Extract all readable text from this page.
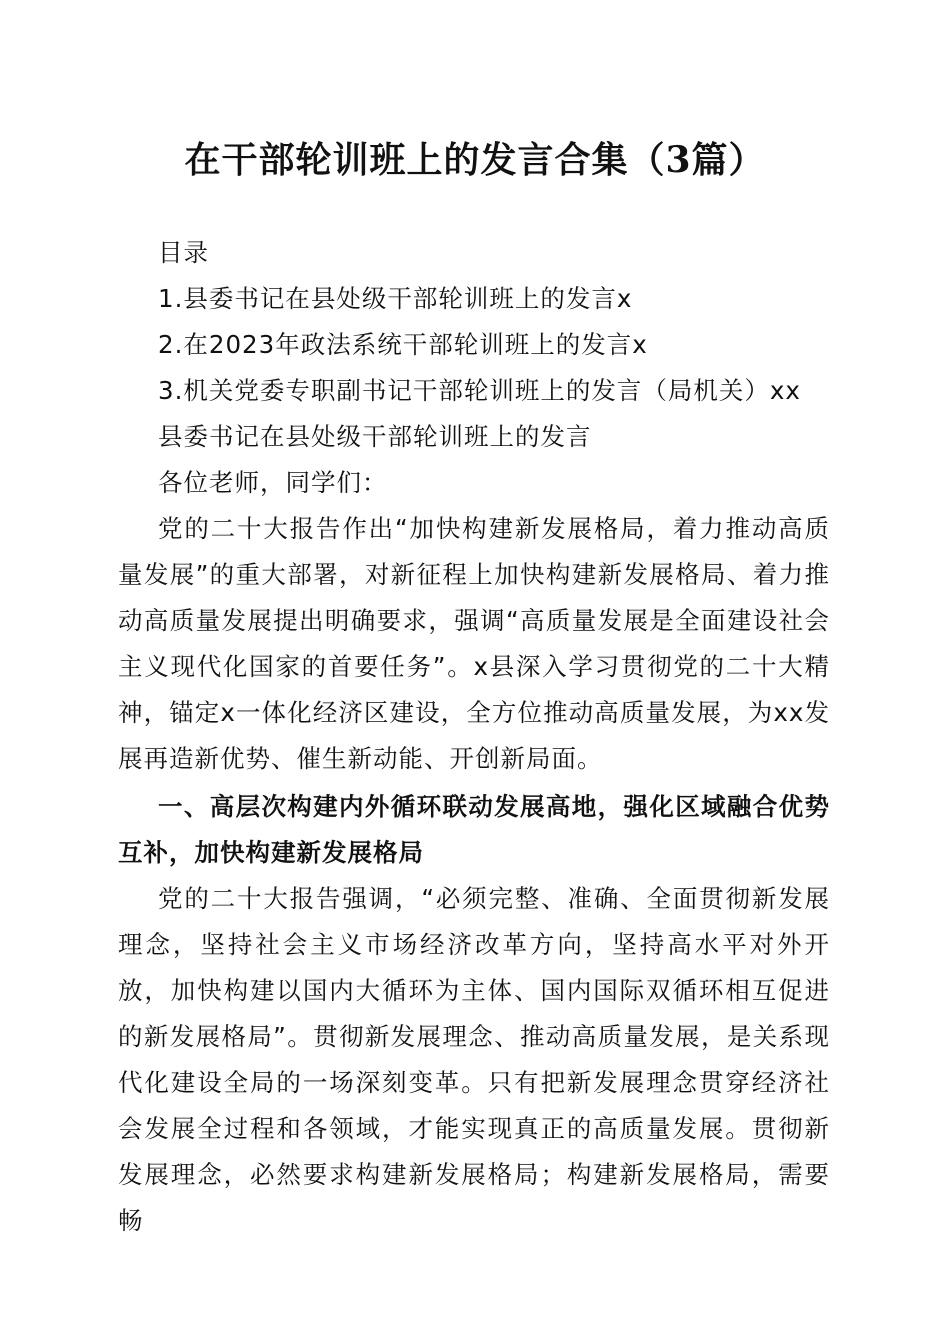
在干部轮训班上的发言合集（3篇）

目录

1.县委书记在县处级干部轮训班上的发言x

2.在2023年政法系统干部轮训班上的发言x

3.机关党委专职副书记干部轮训班上的发言（局机关）xx

县委书记在县处级干部轮训班上的发言

各位老师，同学们：

党的二十大报告作出“加快构建新发展格局，着力推动高质量发展”的重大部署，对新征程上加快构建新发展格局、着力推动高质量发展提出明确要求，强调“高质量发展是全面建设社会主义现代化国家的首要任务”。x县深入学习贯彻党的二十大精神，锚定x一体化经济区建设，全方位推动高质量发展，为xx发展再造新优势、催生新动能、开创新局面。

一、高层次构建内外循环联动发展高地，强化区域融合优势互补，加快构建新发展格局

党的二十大报告强调，“必须完整、准确、全面贯彻新发展理念，坚持社会主义市场经济改革方向，坚持高水平对外开放，加快构建以国内大循环为主体、国内国际双循环相互促进的新发展格局”。贯彻新发展理念、推动高质量发展，是关系现代化建设全局的一场深刻变革。只有把新发展理念贯穿经济社会发展全过程和各领域，才能实现真正的高质量发展。贯彻新发展理念，必然要求构建新发展格局；构建新发展格局，需要畅
